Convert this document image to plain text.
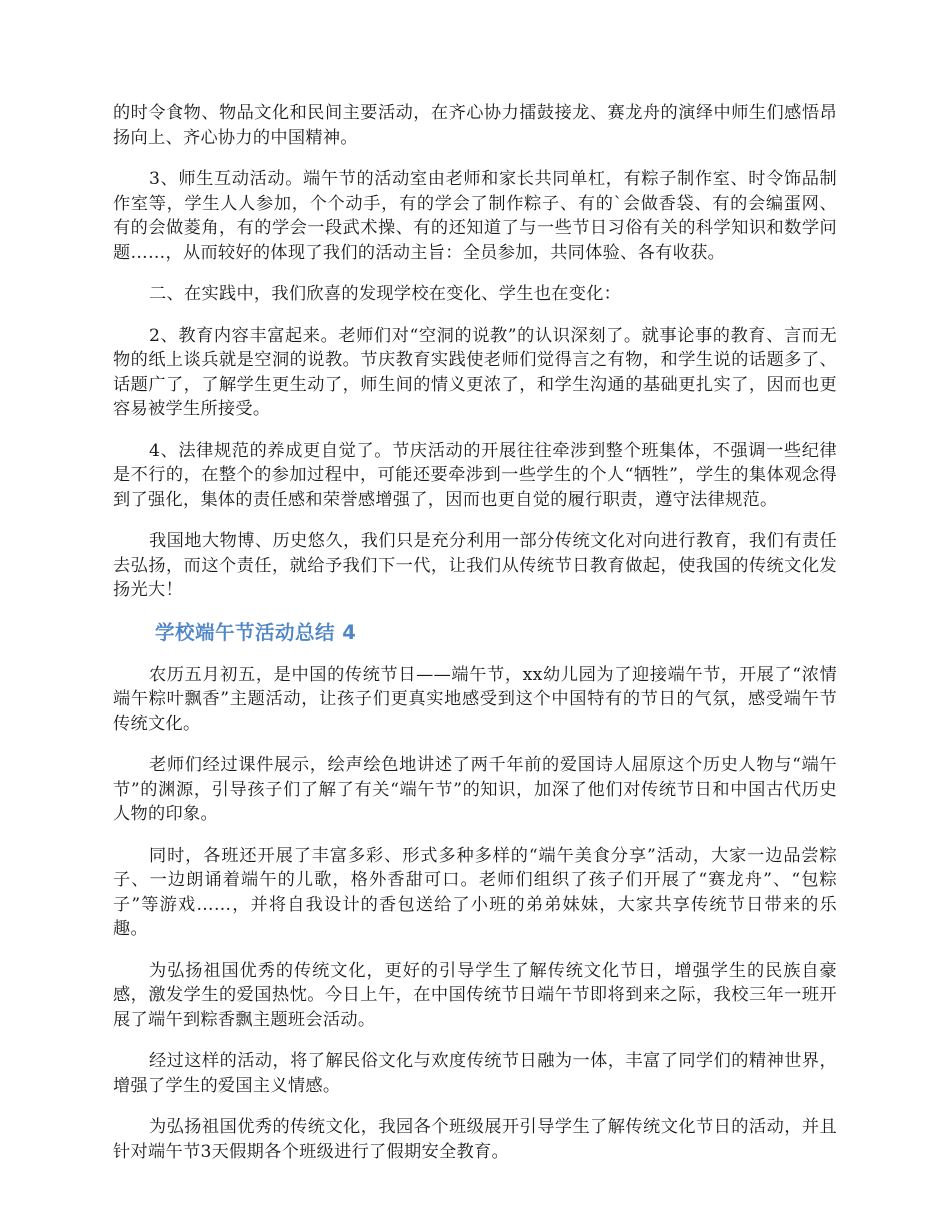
的时令食物、物品文化和民间主要活动，在齐心协力擂鼓接龙、赛龙舟的演绎中师生们感悟昂扬向上、齐心协力的中国精神。

3、师生互动活动。端午节的活动室由老师和家长共同单杠，有粽子制作室、时令饰品制作室等，学生人人参加，个个动手，有的学会了制作粽子、有的`会做香袋、有的会编蛋网、有的会做菱角，有的学会一段武术操、有的还知道了与一些节日习俗有关的科学知识和数学问题……，从而较好的体现了我们的活动主旨：全员参加，共同体验、各有收获。

二、在实践中，我们欣喜的发现学校在变化、学生也在变化：

2、教育内容丰富起来。老师们对“空洞的说教”的认识深刻了。就事论事的教育、言而无物的纸上谈兵就是空洞的说教。节庆教育实践使老师们觉得言之有物，和学生说的话题多了、话题广了，了解学生更生动了，师生间的情义更浓了，和学生沟通的基础更扎实了，因而也更容易被学生所接受。

4、法律规范的养成更自觉了。节庆活动的开展往往牵涉到整个班集体，不强调一些纪律是不行的，在整个的参加过程中，可能还要牵涉到一些学生的个人“牺牲”，学生的集体观念得到了强化，集体的责任感和荣誉感增强了，因而也更自觉的履行职责，遵守法律规范。

我国地大物博、历史悠久，我们只是充分利用一部分传统文化对向进行教育，我们有责任去弘扬，而这个责任，就给予我们下一代，让我们从传统节日教育做起，使我国的传统文化发扬光大！

学校端午节活动总结 4

农历五月初五，是中国的传统节日——端午节，xx幼儿园为了迎接端午节，开展了“浓情端午粽叶飘香”主题活动，让孩子们更真实地感受到这个中国特有的节日的气氛，感受端午节传统文化。

老师们经过课件展示，绘声绘色地讲述了两千年前的爱国诗人屈原这个历史人物与“端午节”的渊源，引导孩子们了解了有关“端午节”的知识，加深了他们对传统节日和中国古代历史人物的印象。

同时，各班还开展了丰富多彩、形式多种多样的“端午美食分享”活动，大家一边品尝粽子、一边朗诵着端午的儿歌，格外香甜可口。老师们组织了孩子们开展了“赛龙舟”、“包粽子”等游戏……，并将自我设计的香包送给了小班的弟弟妹妹，大家共享传统节日带来的乐趣。

为弘扬祖国优秀的传统文化，更好的引导学生了解传统文化节日，增强学生的民族自豪感，激发学生的爱国热忱。今日上午，在中国传统节日端午节即将到来之际，我校三年一班开展了端午到粽香飘主题班会活动。

经过这样的活动，将了解民俗文化与欢度传统节日融为一体，丰富了同学们的精神世界，增强了学生的爱国主义情感。

为弘扬祖国优秀的传统文化，我园各个班级展开引导学生了解传统文化节日的活动，并且针对端午节3天假期各个班级进行了假期安全教育。
